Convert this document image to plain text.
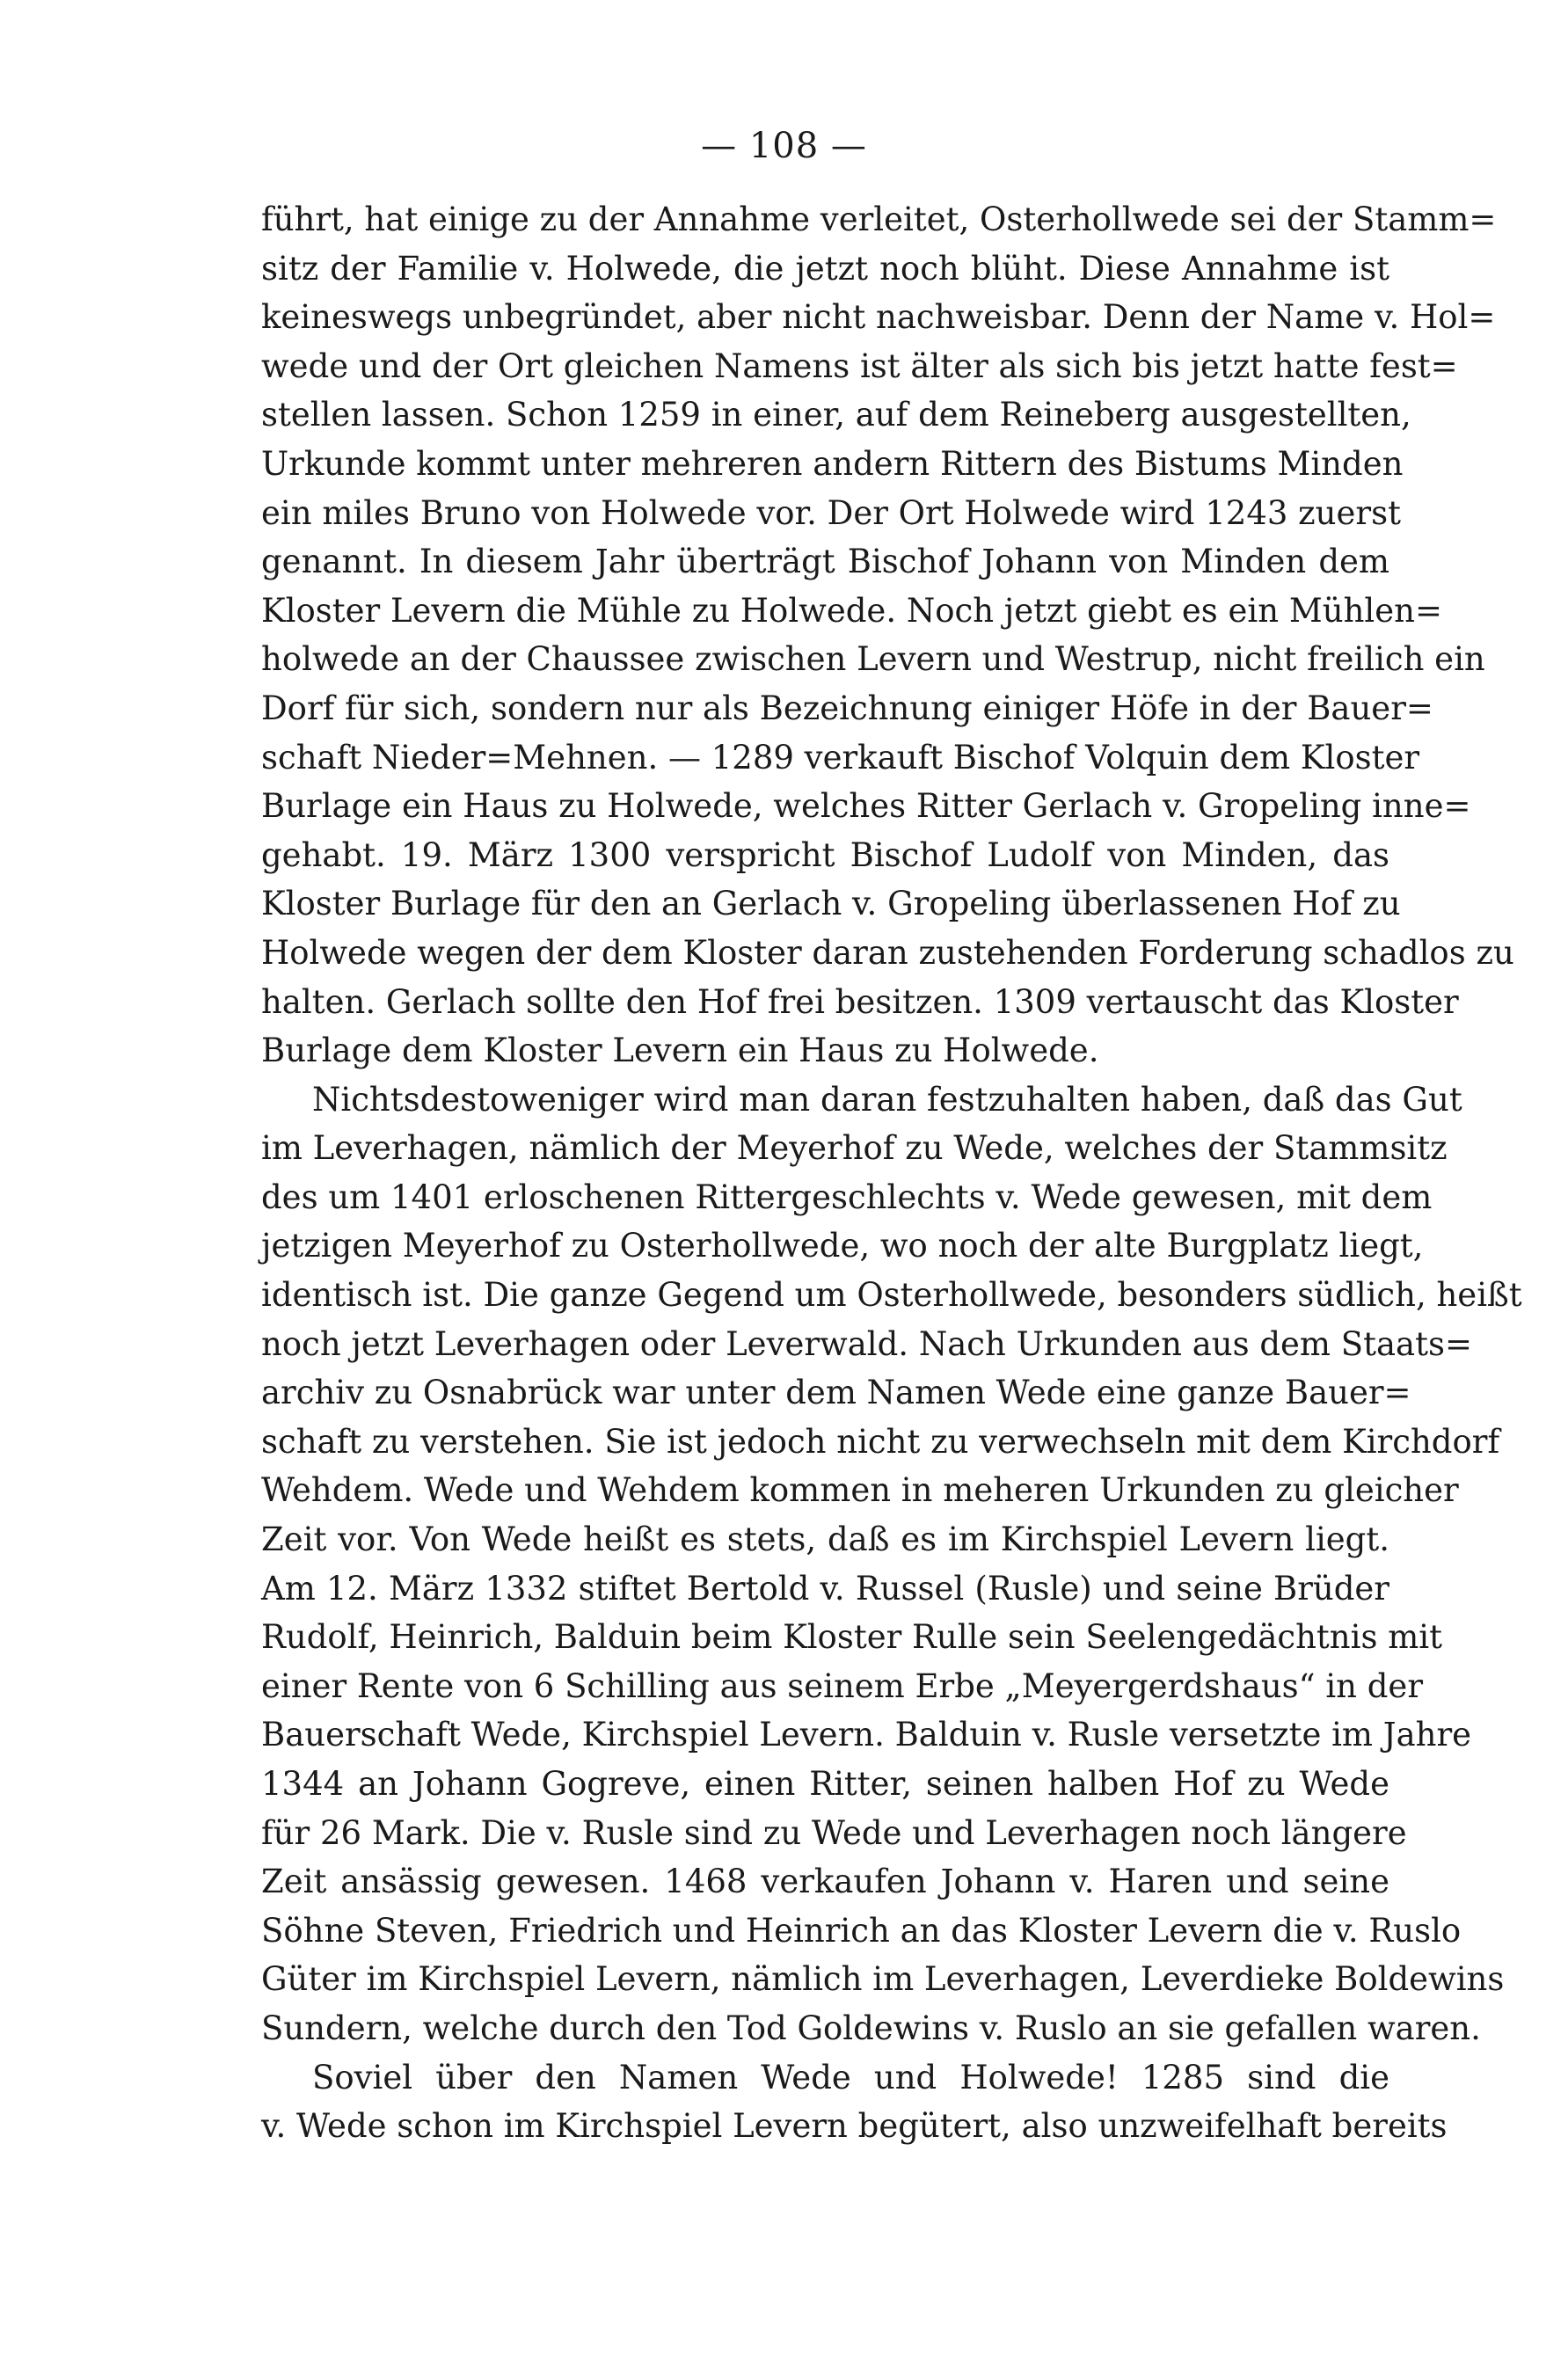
— 108 —
führt, hat einige zu der Annahme verleitet, Osterhollwede sei der Stamm=
sitz der Familie v. Holwede, die jetzt noch blüht. Diese Annahme ist
keineswegs unbegründet, aber nicht nachweisbar. Denn der Name v. Hol=
wede und der Ort gleichen Namens ist älter als sich bis jetzt hatte fest=
stellen lassen. Schon 1259 in einer, auf dem Reineberg ausgestellten,
Urkunde kommt unter mehreren andern Rittern des Bistums Minden
ein miles Bruno von Holwede vor. Der Ort Holwede wird 1243 zuerst
genannt. In diesem Jahr überträgt Bischof Johann von Minden dem
Kloster Levern die Mühle zu Holwede. Noch jetzt giebt es ein Mühlen=
holwede an der Chaussee zwischen Levern und Westrup, nicht freilich ein
Dorf für sich, sondern nur als Bezeichnung einiger Höfe in der Bauer=
schaft Nieder=Mehnen. — 1289 verkauft Bischof Volquin dem Kloster
Burlage ein Haus zu Holwede, welches Ritter Gerlach v. Gropeling inne=
gehabt. 19. März 1300 verspricht Bischof Ludolf von Minden, das
Kloster Burlage für den an Gerlach v. Gropeling überlassenen Hof zu
Holwede wegen der dem Kloster daran zustehenden Forderung schadlos zu
halten. Gerlach sollte den Hof frei besitzen. 1309 vertauscht das Kloster
Burlage dem Kloster Levern ein Haus zu Holwede.
Nichtsdestoweniger wird man daran festzuhalten haben, daß das Gut
im Leverhagen, nämlich der Meyerhof zu Wede, welches der Stammsitz
des um 1401 erloschenen Rittergeschlechts v. Wede gewesen, mit dem
jetzigen Meyerhof zu Osterhollwede, wo noch der alte Burgplatz liegt,
identisch ist. Die ganze Gegend um Osterhollwede, besonders südlich, heißt
noch jetzt Leverhagen oder Leverwald. Nach Urkunden aus dem Staats=
archiv zu Osnabrück war unter dem Namen Wede eine ganze Bauer=
schaft zu verstehen. Sie ist jedoch nicht zu verwechseln mit dem Kirchdorf
Wehdem. Wede und Wehdem kommen in meheren Urkunden zu gleicher
Zeit vor. Von Wede heißt es stets, daß es im Kirchspiel Levern liegt.
Am 12. März 1332 stiftet Bertold v. Russel (Rusle) und seine Brüder
Rudolf, Heinrich, Balduin beim Kloster Rulle sein Seelengedächtnis mit
einer Rente von 6 Schilling aus seinem Erbe „Meyergerdshaus“ in der
Bauerschaft Wede, Kirchspiel Levern. Balduin v. Rusle versetzte im Jahre
1344 an Johann Gogreve, einen Ritter, seinen halben Hof zu Wede
für 26 Mark. Die v. Rusle sind zu Wede und Leverhagen noch längere
Zeit ansässig gewesen. 1468 verkaufen Johann v. Haren und seine
Söhne Steven, Friedrich und Heinrich an das Kloster Levern die v. Ruslo
Güter im Kirchspiel Levern, nämlich im Leverhagen, Leverdieke Boldewins
Sundern, welche durch den Tod Goldewins v. Ruslo an sie gefallen waren.
Soviel über den Namen Wede und Holwede! 1285 sind die
v. Wede schon im Kirchspiel Levern begütert, also unzweifelhaft bereits
